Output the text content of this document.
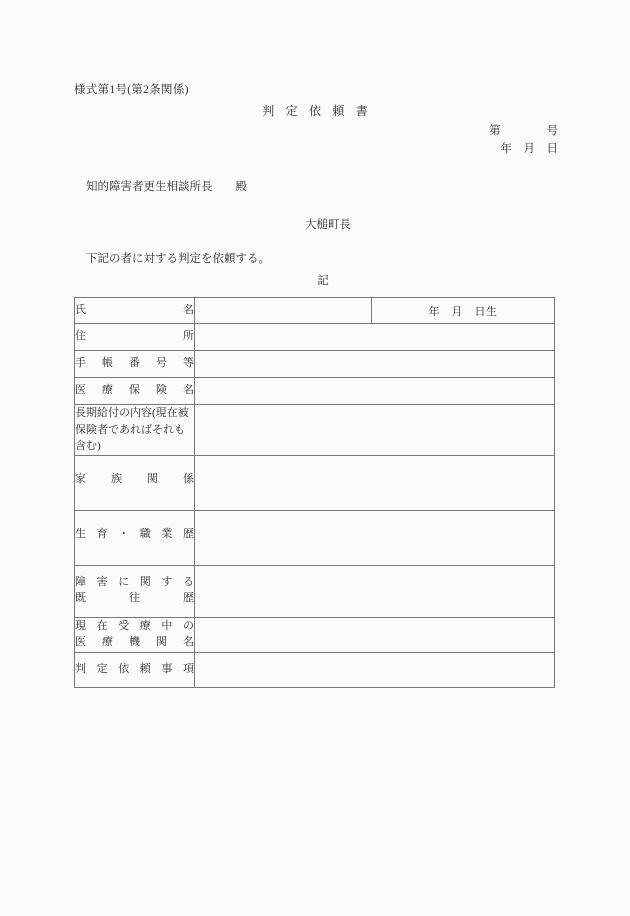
様式第1号(第2条関係)
判 定 依 頼 書
第　　　　号
年　月　日
知的障害者更生相談所長　　殿
大槌町長
下記の者に対する判定を依頼する。
記
氏　　　　名		年　月　日生

住　　　　所		

手 帳 番 号 等		

医 療 保 険 名		

長期給付の内容(現在被保険者であればそれも含む)		

家　族　関　係		

生 育 ・ 職 業 歴		

障 害 に 関 す る
既　　往　　歴		

現 在 受 療 中 の
医 療 機 関 名		

判 定 依 頼 事 項		
